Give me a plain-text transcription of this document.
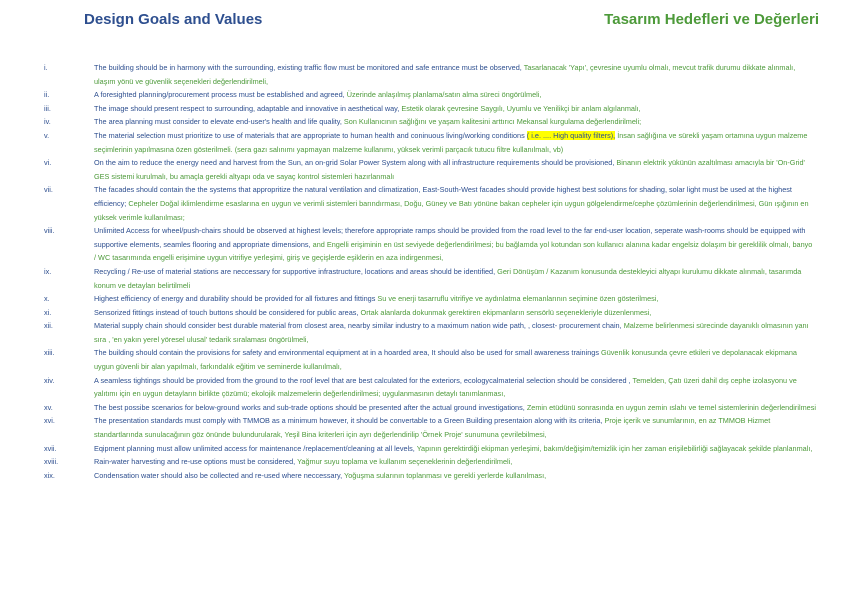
Design Goals and Values	Tasarım Hedefleri ve Değerleri
i.	The building should be in harmony with the surrounding, existing traffic flow must be monitored and safe entrance must be observed, Tasarlanacak 'Yapı', çevresine uyumlu olmalı, mevcut trafik durumu dikkate alınmalı, ulaşım yönü ve güvenlik seçenekleri değerlendirilmeli,
ii.	A foresighted planning/procurement process must be established and agreed, Üzerinde anlaşılmış planlama/satın alma süreci öngörülmeli,
iii.	The image should present respect to surrounding, adaptable and innovative in aesthetical way, Estetik olarak çevresine Saygılı, Uyumlu ve Yenilikçi bir anlam algılanmalı,
iv.	The area planning must consider to elevate end-user's health and life quality, Son Kullanıcının sağlığını ve yaşam kalitesini arttırıcı Mekansal kurgulama değerlendirilmeli;
v.	The material selection must prioritize to use of materials that are appropriate to human health and coninuous living/working conditions ( i.e. .... High quality filters), İnsan sağlığına ve sürekli yaşam ortamına uygun malzeme seçimlerinin yapılmasına özen gösterilmeli. (sera gazı salınımı yapmayan malzeme kullanımı, yüksek verimli parçacık tutucu filtre kullanılmalı, vb)
vi.	On the aim to reduce the energy need and harvest from the Sun, an on-grid Solar Power System along with all infrastructure requirements should be provisioned, Binanın elektrik yükünün azaltılması amacıyla bir 'On-Grid' GES sistemi kurulmalı, bu amaçla gerekli altyapı oda ve sayaç kontrol sistemleri hazırlanmalı
vii.	The facades should contain the the systems that appropritize the natural ventilation and climatization, East-South-West facades should provide highest best solutions for shading, solar light must be used at the highest efficiency; Cepheler Doğal iklimlendirme esaslarına en uygun ve verimli sistemleri barındırması, Doğu, Güney ve Batı yönüne bakan cepheler için uygun gölgelendirme/cephe çözümlerinin değerlendirilmesi, Gün ışığının en yüksek verimle kullanılması;
viii.	Unlimited Access for wheel/push-chairs should be observed at highest levels; therefore appropriate ramps should be provided from the road level to the far end-user location, seperate wash-rooms should be equipped with supportive elements, seamles flooring and appropriate dimensions, and Engelli erişiminin en üst seviyede değerlendirilmesi; bu bağlamda yol kotundan son kullanıcı alanına kadar engelsiz dolaşım bir gereklilik olmalı, banyo / WC tasarımında engelli erişimine uygun vitrifiye yerleşimi, giriş ve geçişlerde eşiklerin en aza indirgenmesi,
ix.	Recycling / Re-use of material stations are neccessary for supportive infrastructure, locations and areas should be identified, Geri Dönüşüm / Kazanım konusunda destekleyici altyapı kurulumu dikkate alınmalı, tasarımda konum ve detayları belirtilmeli
x.	Highest efficiency of energy and durability should be provided for all fixtures and fittings Su ve enerji tasarruflu vitrifiye ve aydınlatma elemanlarının seçimine özen gösterilmesi,
xi.	Sensorized fittings instead of touch buttons should be considered for public areas, Ortak alanlarda dokunmak gerektiren ekipmanların sensörlü seçenekleriyle düzenlenmesi,
xii.	Material supply chain should consider best durable material from closest area, nearby similar industry to a maximum nation wide path, , closest- procurement chain, Malzeme belirlenmesi sürecinde dayanıklı olmasının yanı sıra , 'en yakın yerel yöresel ulusal' tedarik sıralaması öngörülmeli,
xiii.	The building should contain the provisions for safety and environmental equipment at in a hoarded area, It should also be used for small awareness trainings Güvenlik konusunda çevre etkileri ve depolanacak ekipmana uygun güvenli bir alan yapılmalı, farkındalık eğitim ve seminerde kullanılmalı,
xiv.	A seamless tightings should be provided from the ground to the roof level that are best calculated for the exteriors, ecologycalmaterial selection should be considered , Temelden, Çatı üzeri dahil dış cephe izolasyonu ve yalıtımı için en uygun detayların birlikte çözümü; ekolojik malzemelerin değerlendirilmesi; uygulanmasının detaylı tanımlanması,
xv.	The best possibe scenarios for below-ground works and sub-trade options should be presented after the actual ground investigations, Zemin etüdünü sonrasında en uygun zemin ıslahı ve temel sistemlerinin değerlendirilmesi
xvi.	The presentation standards must comply with TMMOB as a minimum however, it should be convertable to a Green Building presentaion along with its criteria, Proje içerik ve sunumlarının, en az TMMOB Hizmet standartlarında sunulacağının göz önünde bulundurularak, Yeşil Bina kriterleri için ayrı değerlendirilip 'Örnek Proje' sunumuna çevrilebilmesi,
xvii.	Eqipment planning must allow unlimited access for maintenance /replacement/cleaning at all levels, Yapının gerektirdiği ekipman yerleşimi, bakım/değişim/temizlik için her zaman erişilebilirliği sağlayacak şekilde planlanmalı,
xviii.	Rain-water harvesting and re-use options must be considered, Yağmur suyu toplama ve kullanım seçeneklerinin değerlendirilmeli,
xix.	Condensation water should also be collected and re-used where neccessary, Yoğuşma sularının toplanması ve gerekli yerlerde kullanılması,
